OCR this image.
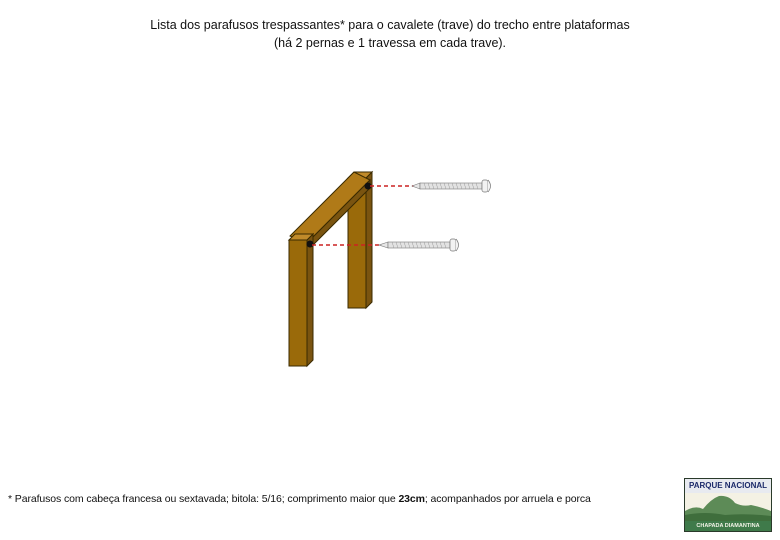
Lista dos parafusos trespassantes* para o cavalete (trave) do trecho entre plataformas
(há 2 pernas e 1 travessa em cada trave).
* Parafusos com cabeça francesa ou sextavada; bitola: 5/16; comprimento maior que 23cm; acompanhados por arruela e porca
PARQUE NACIONAL
CHAPADA DIAMANTINA
